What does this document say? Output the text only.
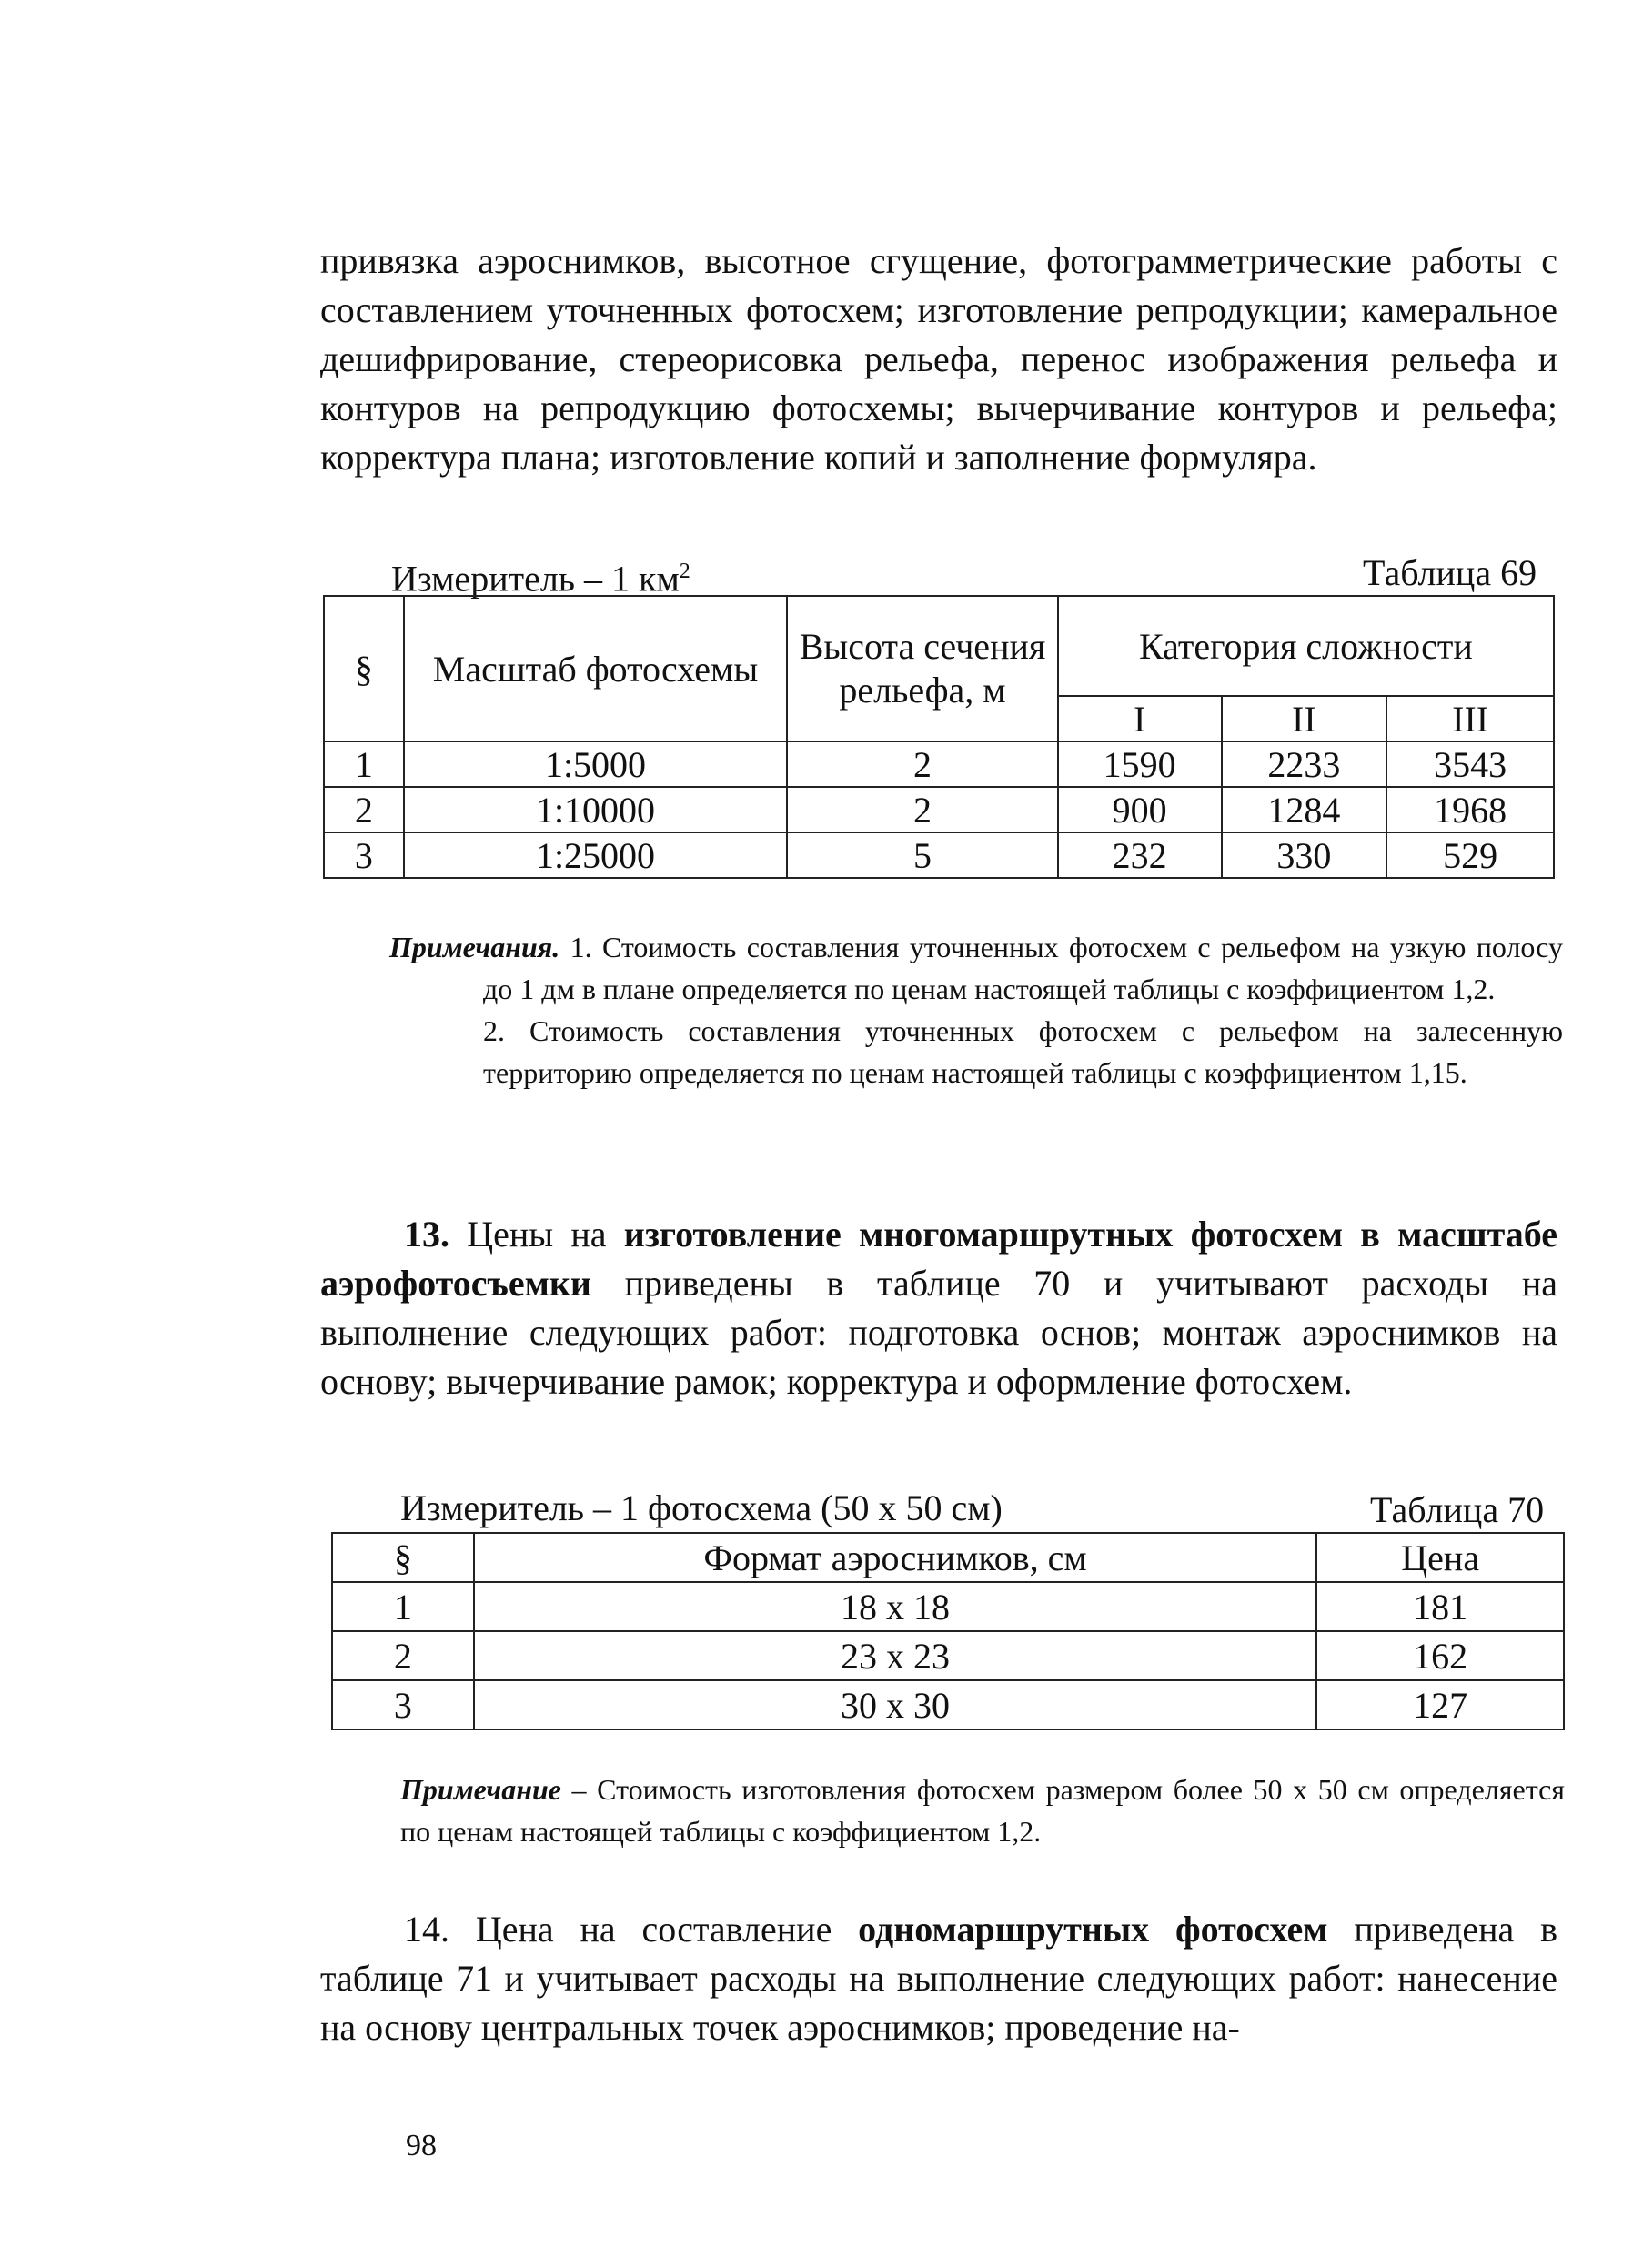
привязка аэроснимков, высотное сгущение, фотограмметрические работы с составлением уточненных фотосхем; изготовление репродукции; камеральное дешифрирование, стереорисовка рельефа, перенос изображения рельефа и контуров на репродукцию фотосхемы; вычерчивание контуров и рельефа; корректура плана; изготовление копий и заполнение формуляра.

Измеритель – 1 $км^2$	Таблица 69
§	Масштаб фотосхемы	Высота сечения рельефа, м	Категория сложности		
			I	II	III
1	1:5000	2	1590	2233	3543
2	1:10000	2	900	1284	1968
3	1:25000	5	232	330	529
Примечания. 1. Стоимость составления уточненных фотосхем с рельефом на узкую полосу до 1 дм в плане определяется по ценам настоящей таблицы с коэффициентом 1,2.
2. Стоимость составления уточненных фотосхем с рельефом на залесенную территорию определяется по ценам настоящей таблицы с коэффициентом 1,15.

13. Цены на изготовление многомаршрутных фотосхем в масштабе аэрофотосъемки приведены в таблице 70 и учитывают расходы на выполнение следующих работ: подготовка основ; монтаж аэроснимков на основу; вычерчивание рамок; корректура и оформление фотосхем.

Измеритель – 1 фотосхема (50 х 50 см)	Таблица 70
§	Формат аэроснимков, см	Цена
1	18 х 18	181
2	23 х 23	162
3	30 х 30	127
Примечание – Стоимость изготовления фотосхем размером более 50 х 50 см определяется по ценам настоящей таблицы с коэффициентом 1,2.

14. Цена на составление одномаршрутных фотосхем приведена в таблице 71 и учитывает расходы на выполнение следующих работ: нанесение на основу центральных точек аэроснимков; проведение на-

98
